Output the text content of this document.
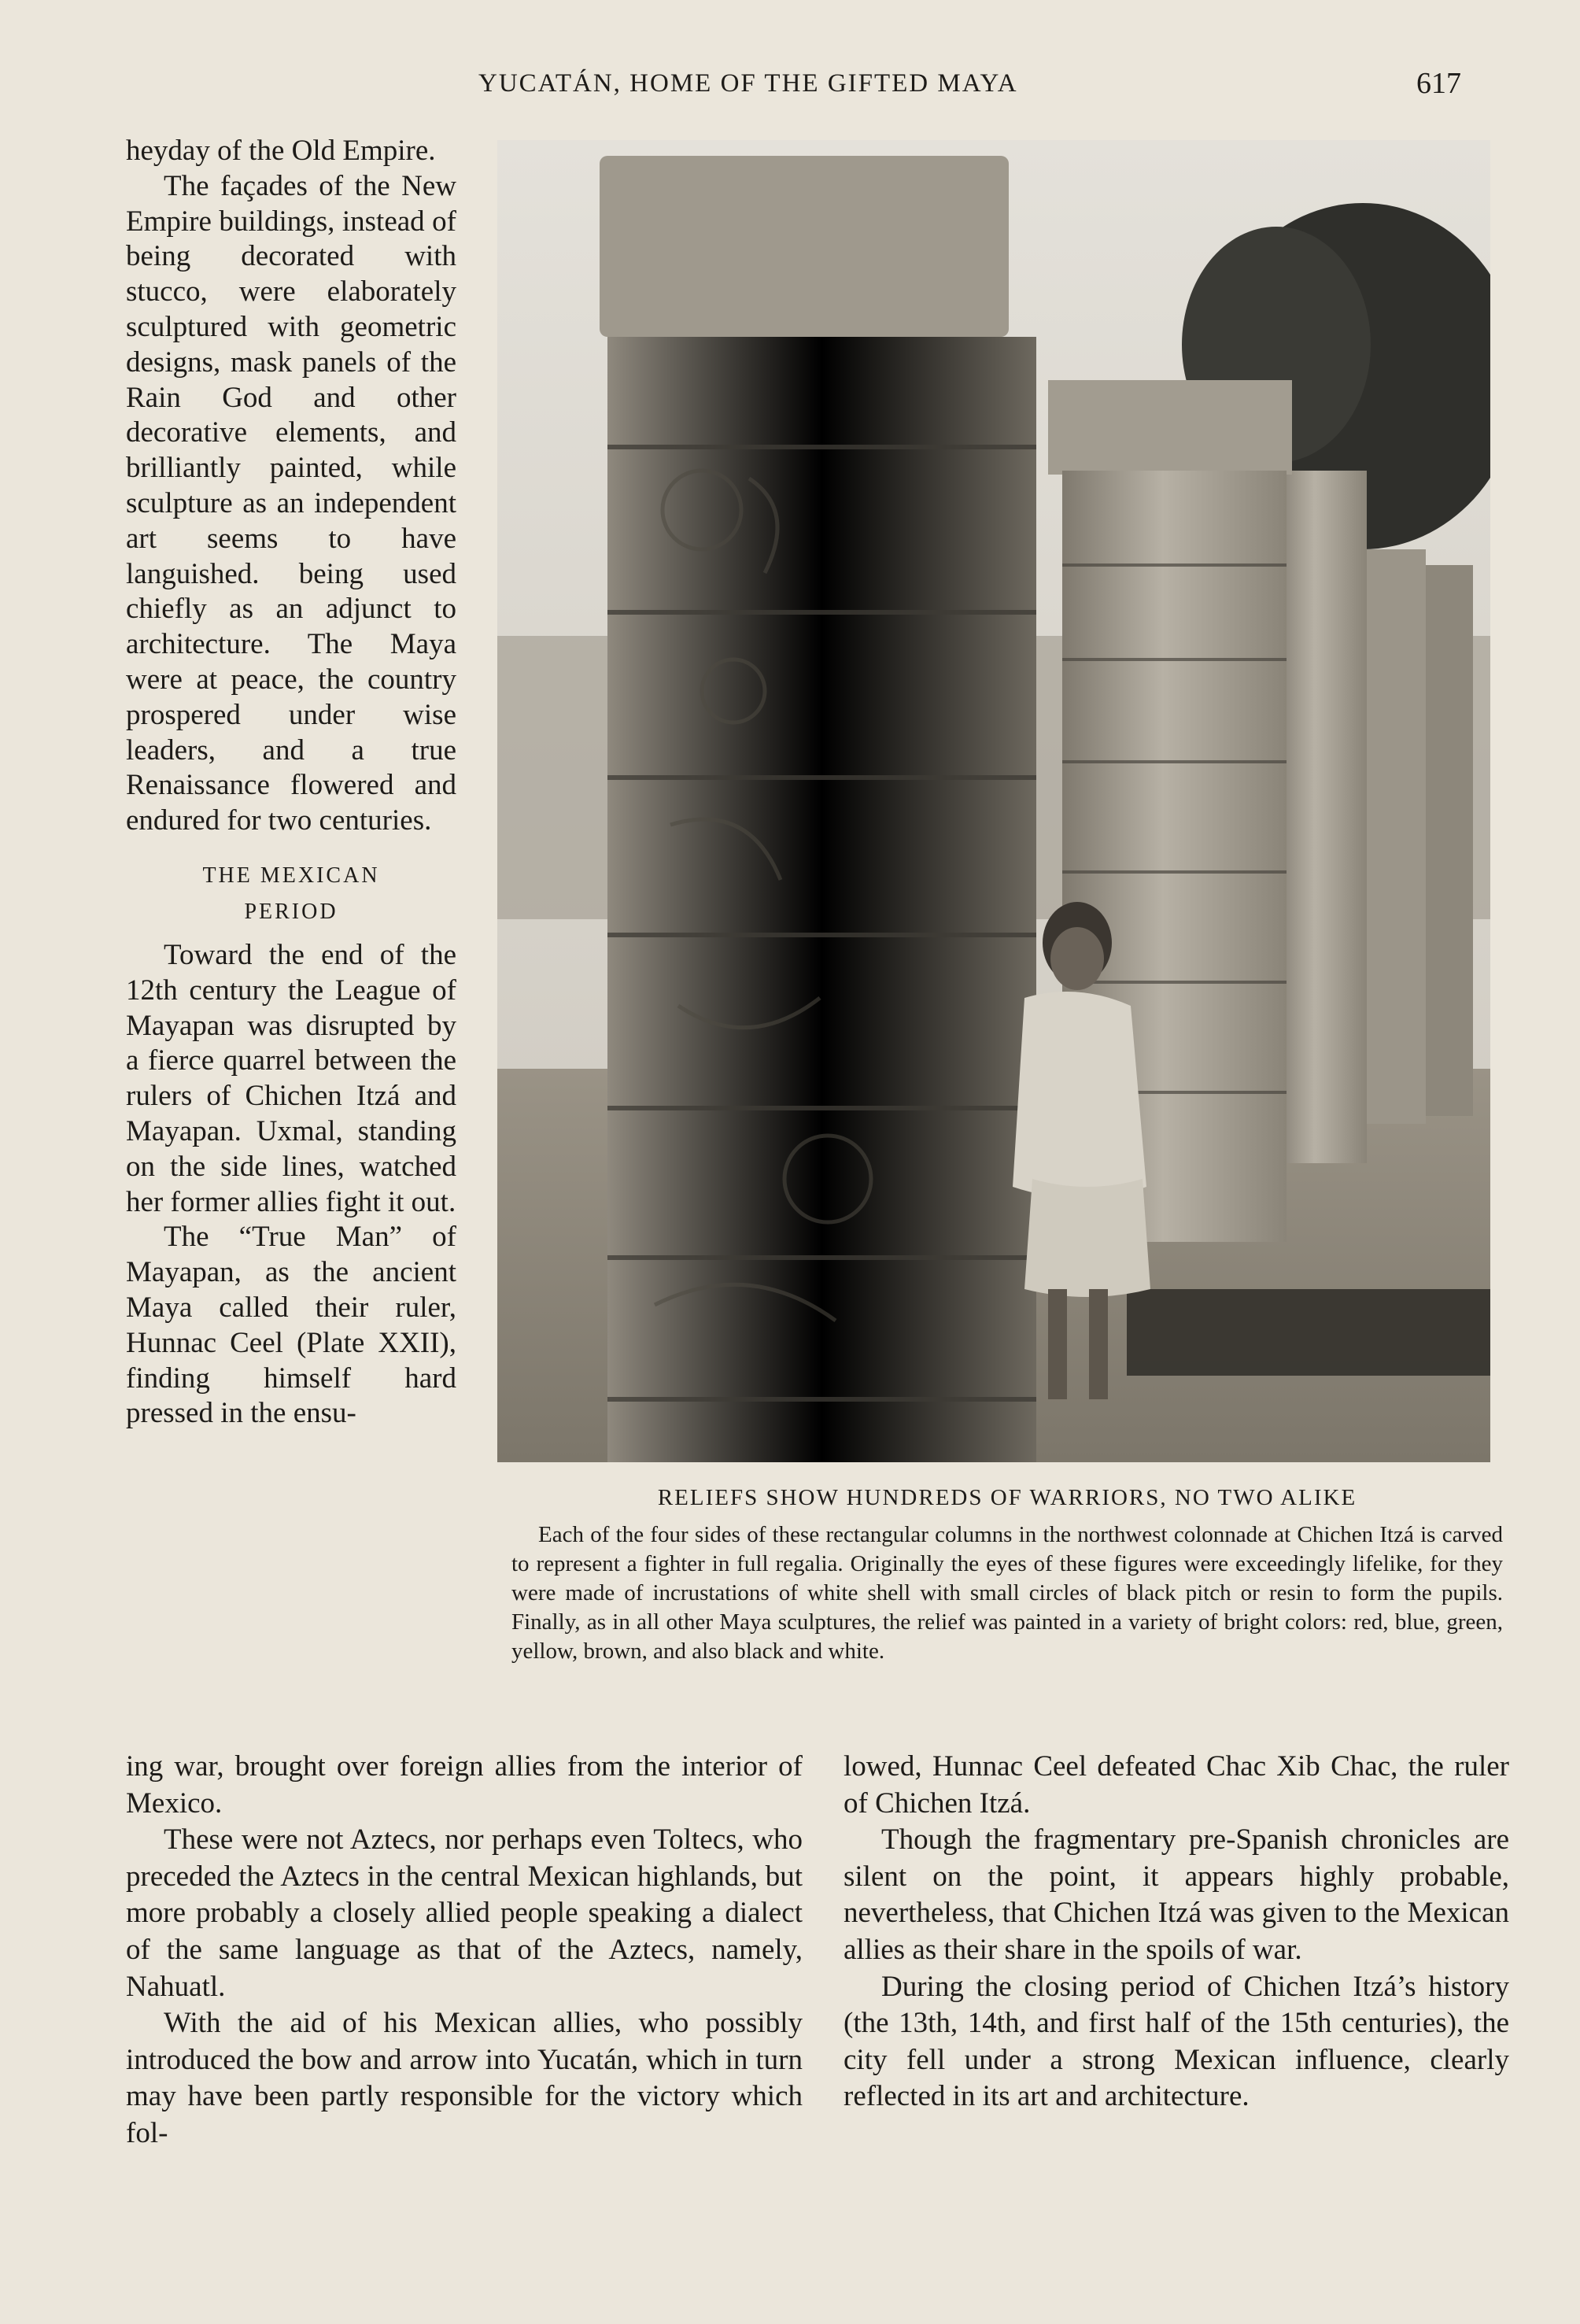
YUCATÁN, HOME OF THE GIFTED MAYA	617

heyday of the Old Empire.

The façades of the New Empire buildings, instead of being decorated with stucco, were elaborately sculptured with geometric designs, mask panels of the Rain God and other decorative elements, and brilliantly painted, while sculpture as an independent art seems to have languished. being used chiefly as an adjunct to architecture. The Maya were at peace, the country prospered under wise leaders, and a true Renaissance flowered and endured for two centuries.

THE MEXICAN
PERIOD

Toward the end of the 12th century the League of Mayapan was disrupted by a fierce quarrel between the rulers of Chichen Itzá and Mayapan. Uxmal, standing on the side lines, watched her former allies fight it out.

The “True Man” of Mayapan, as the ancient Maya called their ruler, Hunnac Ceel (Plate XXII), finding himself hard pressed in the ensu-

RELIEFS SHOW HUNDREDS OF WARRIORS, NO TWO ALIKE

Each of the four sides of these rectangular columns in the northwest colonnade at Chichen Itzá is carved to represent a fighter in full regalia. Originally the eyes of these figures were exceedingly lifelike, for they were made of incrustations of white shell with small circles of black pitch or resin to form the pupils. Finally, as in all other Maya sculptures, the relief was painted in a variety of bright colors: red, blue, green, yellow, brown, and also black and white.

ing war, brought over foreign allies from the interior of Mexico.

These were not Aztecs, nor perhaps even Toltecs, who preceded the Aztecs in the central Mexican highlands, but more probably a closely allied people speaking a dialect of the same language as that of the Aztecs, namely, Nahuatl.

With the aid of his Mexican allies, who possibly introduced the bow and arrow into Yucatán, which in turn may have been partly responsible for the victory which fol-

lowed, Hunnac Ceel defeated Chac Xib Chac, the ruler of Chichen Itzá.

Though the fragmentary pre-Spanish chronicles are silent on the point, it appears highly probable, nevertheless, that Chichen Itzá was given to the Mexican allies as their share in the spoils of war.

During the closing period of Chichen Itzá’s history (the 13th, 14th, and first half of the 15th centuries), the city fell under a strong Mexican influence, clearly reflected in its art and architecture.
